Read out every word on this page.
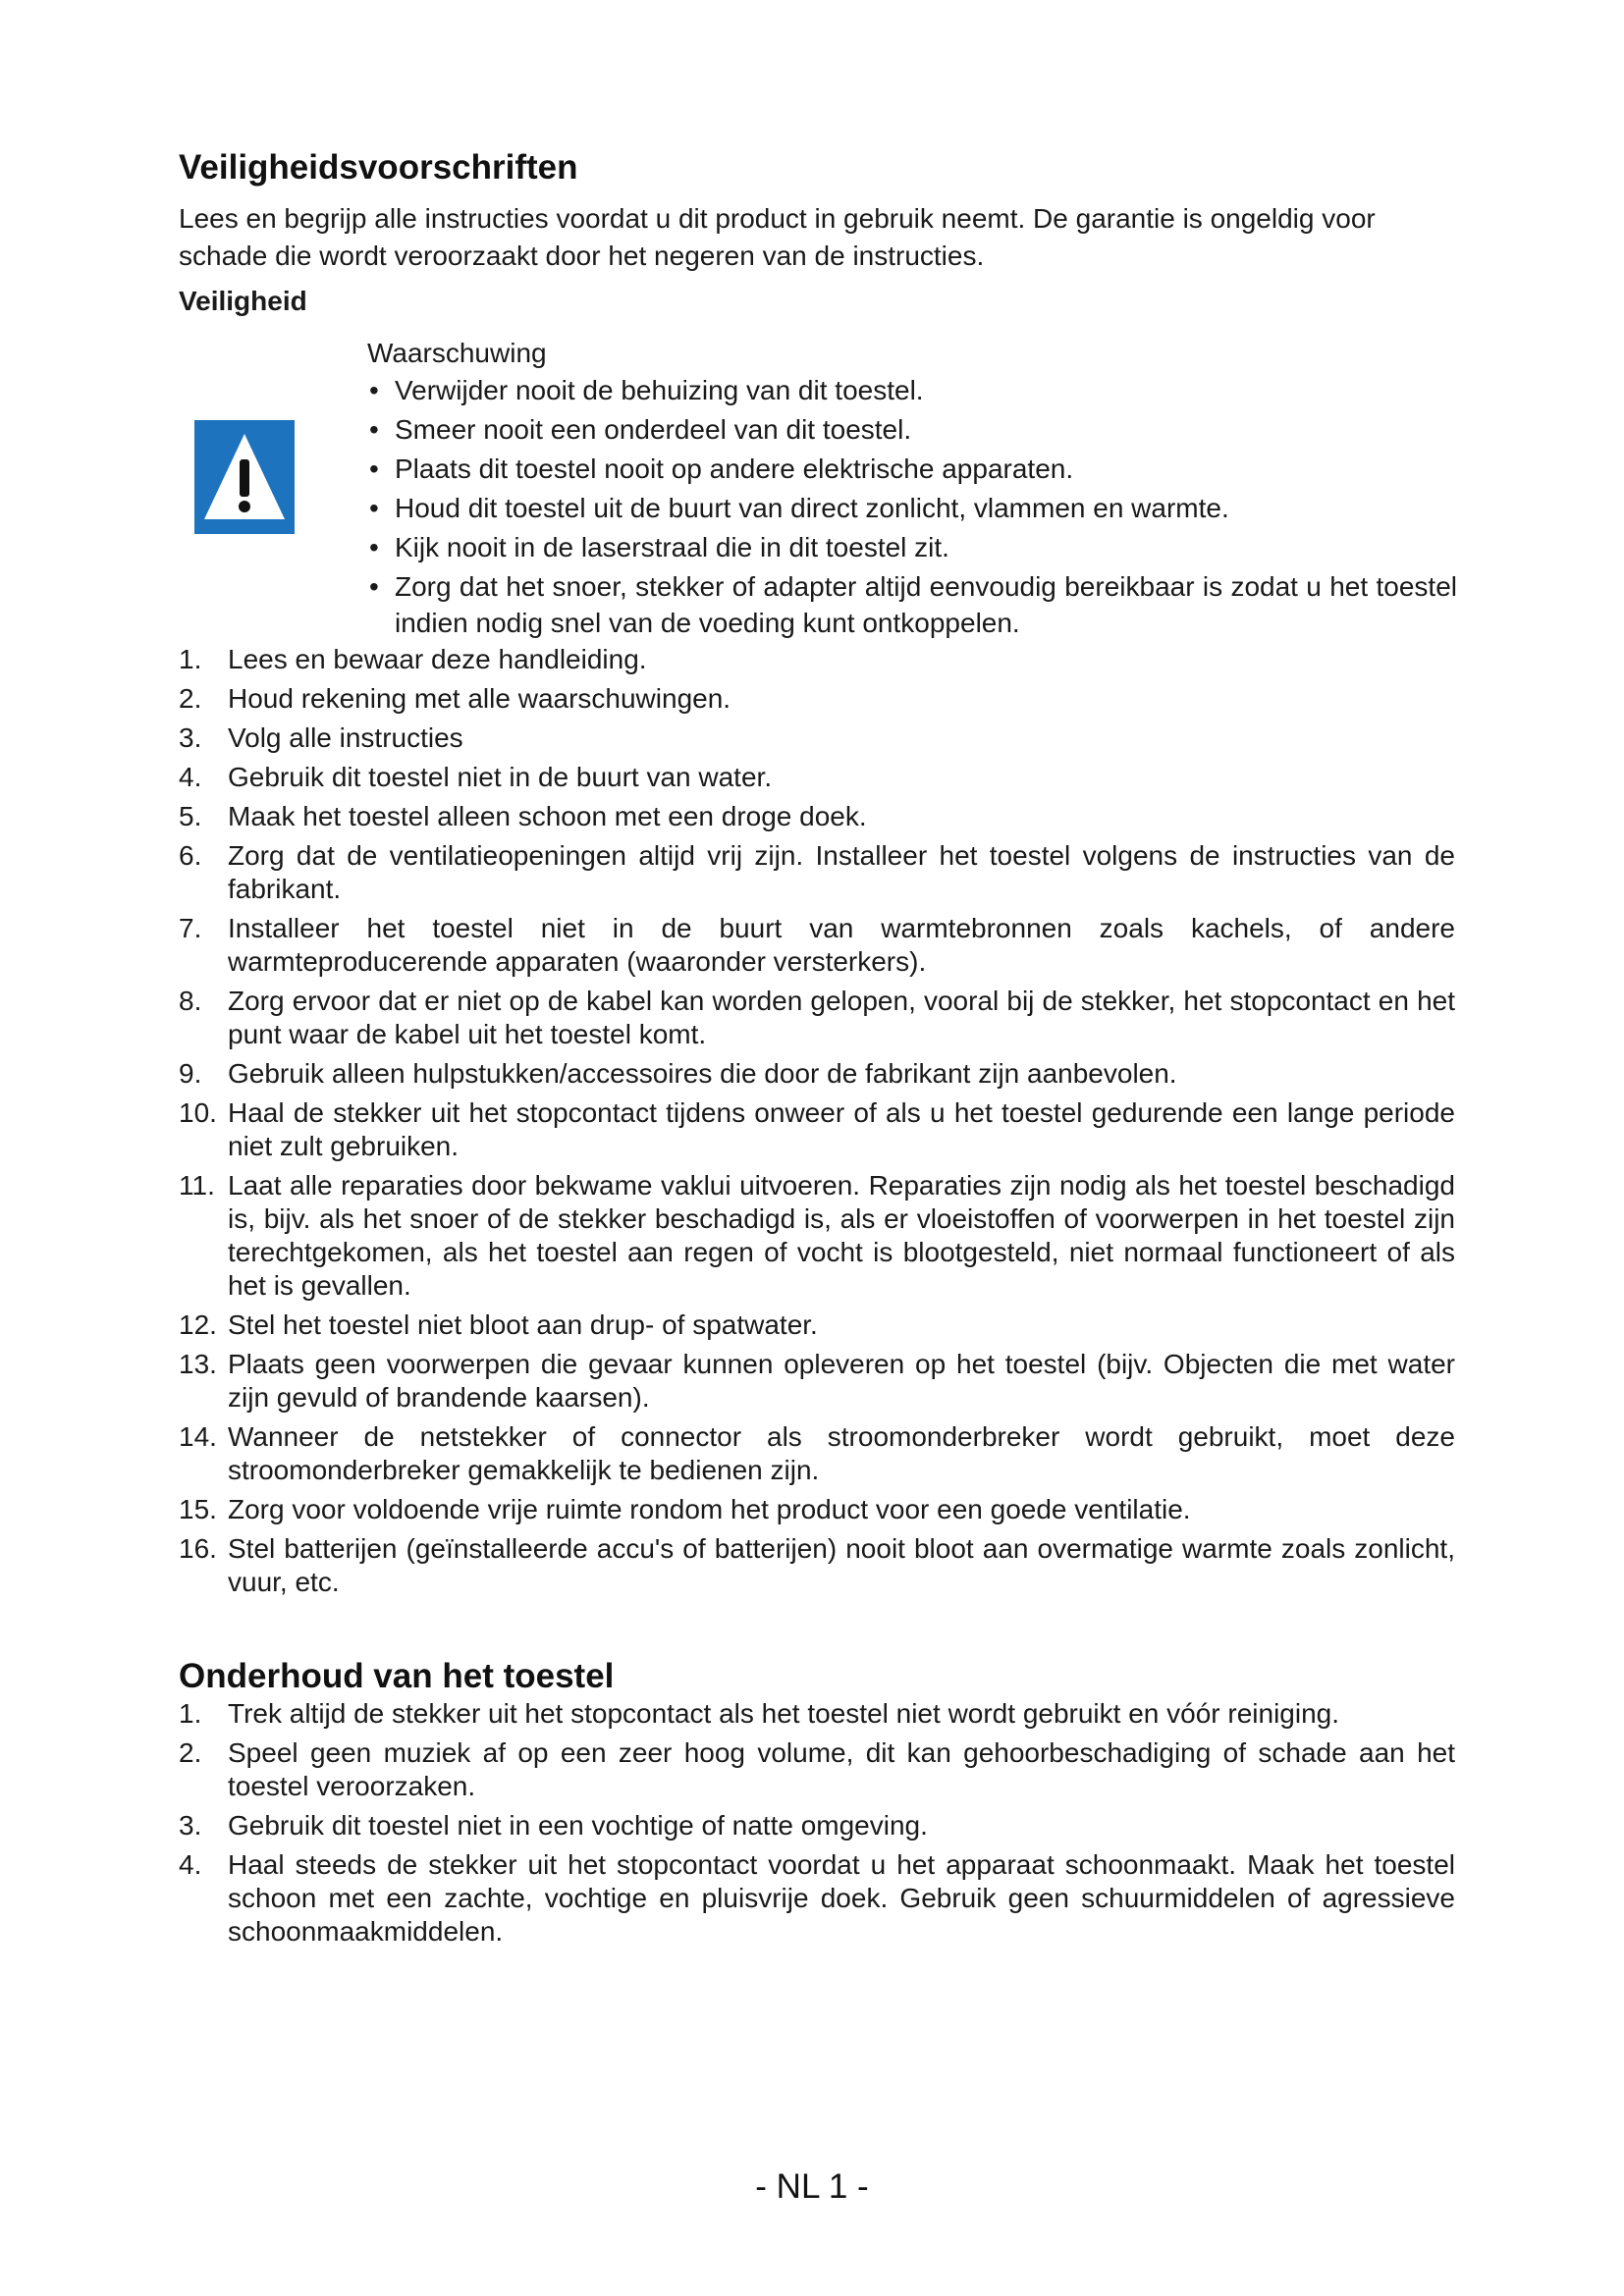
Veiligheidsvoorschriften

Lees en begrijp alle instructies voordat u dit product in gebruik neemt. De garantie is ongeldig voor schade die wordt veroorzaakt door het negeren van de instructies.

Veiligheid

Waarschuwing

• Verwijder nooit de behuizing van dit toestel.
• Smeer nooit een onderdeel van dit toestel.
• Plaats dit toestel nooit op andere elektrische apparaten.
• Houd dit toestel uit de buurt van direct zonlicht, vlammen en warmte.
• Kijk nooit in de laserstraal die in dit toestel zit.
• Zorg dat het snoer, stekker of adapter altijd eenvoudig bereikbaar is zodat u het toestel indien nodig snel van de voeding kunt ontkoppelen.
1. Lees en bewaar deze handleiding.
2. Houd rekening met alle waarschuwingen.
3. Volg alle instructies
4. Gebruik dit toestel niet in de buurt van water.
5. Maak het toestel alleen schoon met een droge doek.
6. Zorg dat de ventilatieopeningen altijd vrij zijn. Installeer het toestel volgens de instructies van de fabrikant.
7. Installeer het toestel niet in de buurt van warmtebronnen zoals kachels, of andere warmteproducerende apparaten (waaronder versterkers).
8. Zorg ervoor dat er niet op de kabel kan worden gelopen, vooral bij de stekker, het stopcontact en het punt waar de kabel uit het toestel komt.
9. Gebruik alleen hulpstukken/accessoires die door de fabrikant zijn aanbevolen.
10. Haal de stekker uit het stopcontact tijdens onweer of als u het toestel gedurende een lange periode niet zult gebruiken.
11. Laat alle reparaties door bekwame vaklui uitvoeren. Reparaties zijn nodig als het toestel beschadigd is, bijv. als het snoer of de stekker beschadigd is, als er vloeistoffen of voorwerpen in het toestel zijn terechtgekomen, als het toestel aan regen of vocht is blootgesteld, niet normaal functioneert of als het is gevallen.
12. Stel het toestel niet bloot aan drup- of spatwater.
13. Plaats geen voorwerpen die gevaar kunnen opleveren op het toestel (bijv. Objecten die met water zijn gevuld of brandende kaarsen).
14. Wanneer de netstekker of connector als stroomonderbreker wordt gebruikt, moet deze stroomonderbreker gemakkelijk te bedienen zijn.
15. Zorg voor voldoende vrije ruimte rondom het product voor een goede ventilatie.
16. Stel batterijen (geïnstalleerde accu's of batterijen) nooit bloot aan overmatige warmte zoals zonlicht, vuur, etc.
Onderhoud van het toestel
1. Trek altijd de stekker uit het stopcontact als het toestel niet wordt gebruikt en vóór reiniging.
2. Speel geen muziek af op een zeer hoog volume, dit kan gehoorbeschadiging of schade aan het toestel veroorzaken.
3. Gebruik dit toestel niet in een vochtige of natte omgeving.
4. Haal steeds de stekker uit het stopcontact voordat u het apparaat schoonmaakt. Maak het toestel schoon met een zachte, vochtige en pluisvrije doek. Gebruik geen schuurmiddelen of agressieve schoonmaakmiddelen.
- NL 1 -
